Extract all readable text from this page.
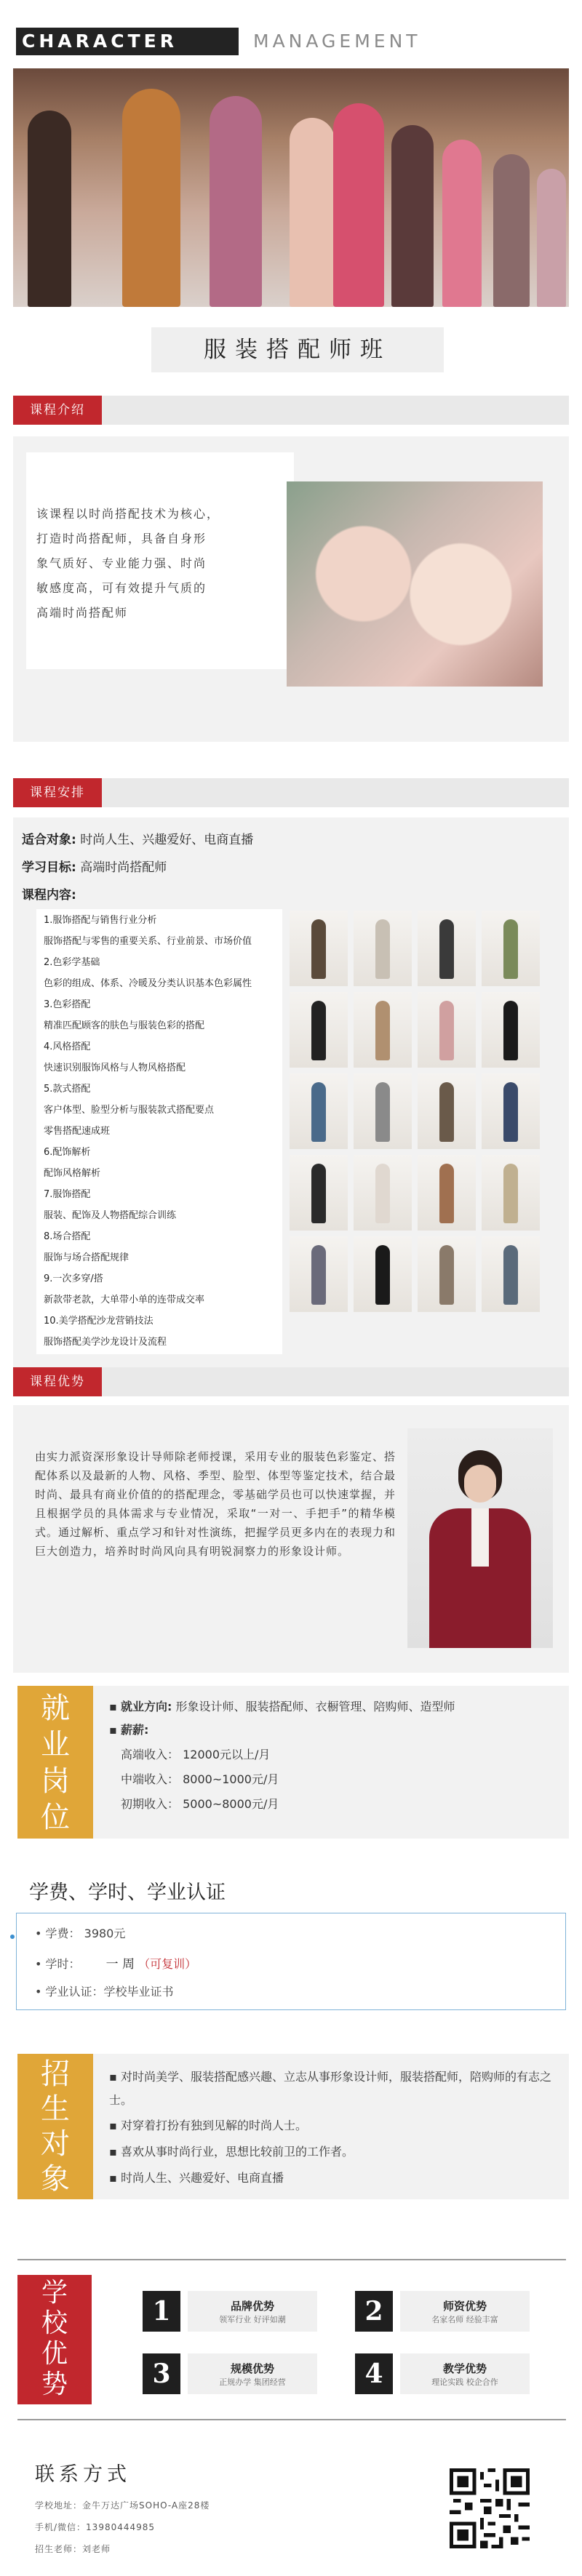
CHARACTER	MANAGEMENT
服装搭配师班
课程介绍
该课程以时尚搭配技术为核心，
打造时尚搭配师，具备自身形
象气质好、专业能力强、时尚
敏感度高，可有效提升气质的
高端时尚搭配师
课程安排
适合对象: 时尚人生、兴趣爱好、电商直播
学习目标: 高端时尚搭配师
课程内容:
1.服饰搭配与销售行业分析
服饰搭配与零售的重要关系、行业前景、市场价值
2.色彩学基础
色彩的组成、体系、冷暖及分类认识基本色彩属性
3.色彩搭配
精准匹配顾客的肤色与服装色彩的搭配
4.风格搭配
快速识别服饰风格与人物风格搭配
5.款式搭配
客户体型、脸型分析与服装款式搭配要点
零售搭配速成班
6.配饰解析
配饰风格解析
7.服饰搭配
服装、配饰及人物搭配综合训练
8.场合搭配
服饰与场合搭配规律
9.一次多穿/搭
新款带老款，大单带小单的连带成交率
10.美学搭配沙龙营销技法
服饰搭配美学沙龙设计及流程
课程优势
由实力派资深形象设计导师除老师授课，采用专业的服装色彩鉴定、搭配体系以及最新的人物、风格、季型、脸型、体型等鉴定技术，结合最时尚、最具有商业价值的的搭配理念，零基础学员也可以快速掌握，并且根据学员的具体需求与专业情况，采取“一对一、手把手”的精华模式。通过解析、重点学习和针对性演练，把握学员更多内在的表现力和巨大创造力，培养时时尚风向具有明锐洞察力的形象设计师。
就
业
岗
位
▪ 就业方向: 形象设计师、服装搭配师、衣橱管理、陪购师、造型师
▪ 薪薪:
高端收入： 12000元以上/月
中端收入： 8000~1000元/月
初期收入： 5000~8000元/月
学费、学时、学业认证
• 学费： 3980元
• 学时： 一 周 （可复训）
• 学业认证：学校毕业证书
招
生
对
象
▪ 对时尚美学、服装搭配感兴趣、立志从事形象设计师，服装搭配师，陪购师的有志之士。
▪ 对穿着打扮有独到见解的时尚人士。
▪ 喜欢从事时尚行业，思想比较前卫的工作者。
▪ 时尚人生、兴趣爱好、电商直播
学
校
优
势
1	品牌优势
领军行业 好评如潮	2	师资优势
名家名师 经验丰富
3	规模优势
正规办学 集团经营	4	教学优势
理论实践 校企合作
联系方式
学校地址：金牛万达广场SOHO-A座28楼
手机/微信：13980444985
招生老师：刘老师
